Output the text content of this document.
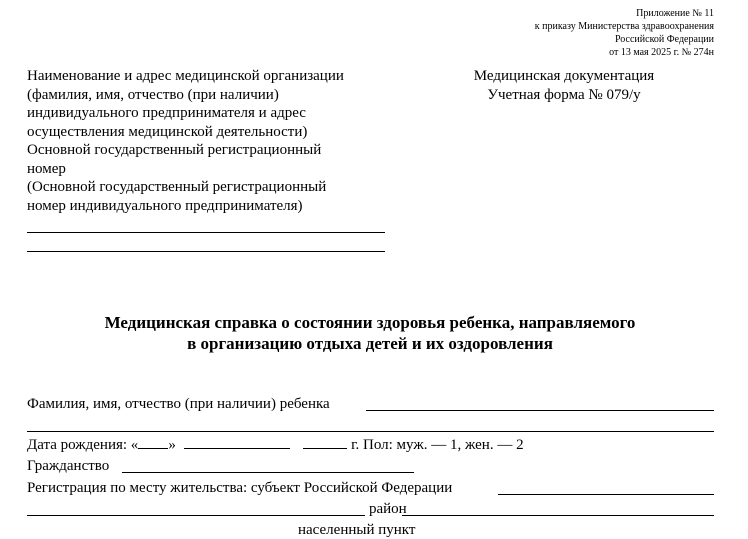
Приложение № 11
к приказу Министерства здравоохранения
Российской Федерации
от 13 мая 2025 г. № 274н
Наименование и адрес медицинской организации
(фамилия, имя, отчество (при наличии)
индивидуального предпринимателя и адрес
осуществления медицинской деятельности)
Основной государственный регистрационный
номер
(Основной государственный регистрационный
номер индивидуального предпринимателя)
Медицинская документация
Учетная форма № 079/у
Медицинская справка о состоянии здоровья ребенка, направляемого
в организацию отдыха детей и их оздоровления
Фамилия, имя, отчество (при наличии) ребенка
Дата рождения: « »	г. Пол: муж. — 1, жен. — 2
Гражданство
Регистрация по месту жительства: субъект Российской Федерации
район
населенный пункт
